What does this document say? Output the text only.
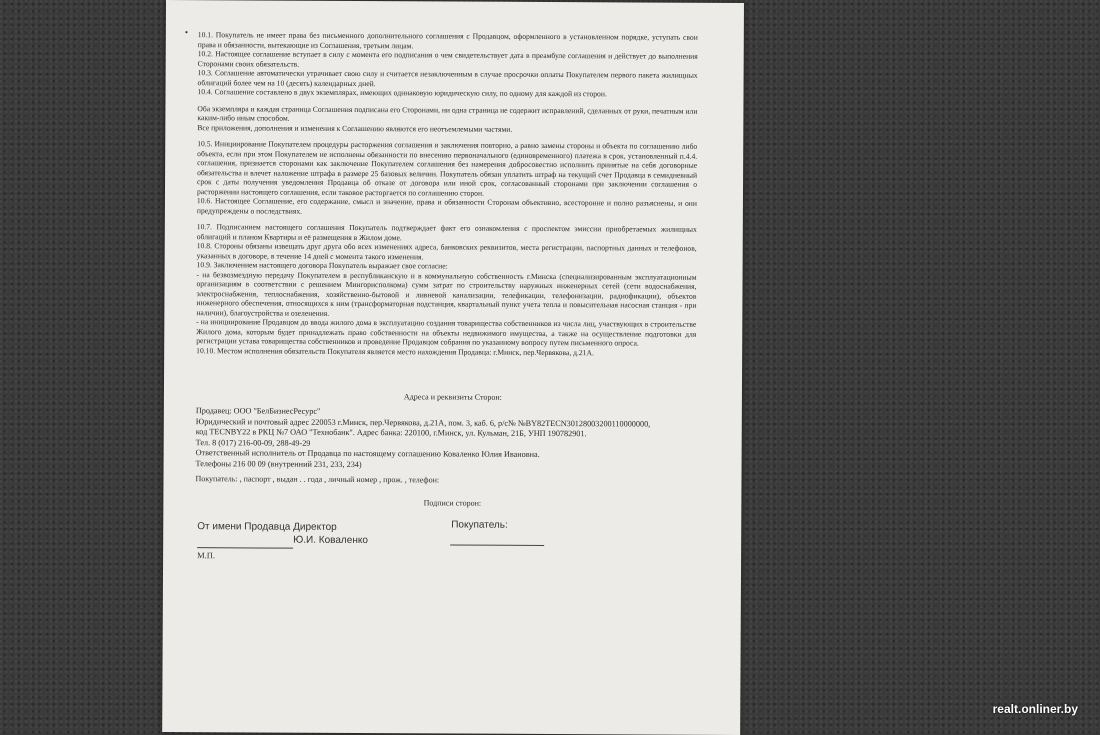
• 10.1. Покупатель не имеет права без письменного дополнительного соглашения с Продавцом, оформленного в установленном порядке, уступать свои права и обязанности, вытекающие из Соглашения, третьим лицам.

10.2. Настоящее соглашение вступает в силу с момента его подписания о чем свидетельствует дата в преамбуле соглашения и действует до выполнения Сторонами своих обязательств.

10.3. Соглашение автоматически утрачивает свою силу и считается незаключенным в случае просрочки оплаты Покупателем первого пакета жилищных облигаций более чем на 10 (десять) календарных дней.

10.4. Соглашение составлено в двух экземплярах, имеющих одинаковую юридическую силу, по одному для каждой из сторон.

Оба экземпляра и каждая страница Соглашения подписана его Сторонами, ни одна страница не содержит исправлений, сделанных от руки, печатным или каким-либо иным способом.

Все приложения, дополнения и изменения к Соглашению являются его неотъемлемыми частями.

10.5. Инициирование Покупателем процедуры расторжения соглашения и заключения повторно, а равно замены стороны и объекта по соглашению либо объекта, если при этом Покупателем не исполнены обязанности по внесению первоначального (единовременного) платежа в срок, установленный п.4.4. соглашения, признается сторонами как заключение Покупателем соглашения без намерения добросовестно исполнить принятые на себя договорные обязательства и влечет наложение штрафа в размере 25 базовых величин. Покупатель обязан уплатить штраф на текущий счет Продавца в семидневный срок с даты получения уведомления Продавца об отказе от договора или иной срок, согласованный сторонами при заключении соглашения о расторжении настоящего соглашения, если таковое расторгается по соглашению сторон.

10.6. Настоящее Соглашение, его содержание, смысл и значение, права и обязанности Сторонам объективно, всесторонне и полно разъяснены, и они предупреждены о последствиях.

10.7. Подписанием настоящего соглашения Покупатель подтверждает факт его ознакомления с проспектом эмиссии приобретаемых жилищных облигаций и планом Квартиры и её размещения в Жилом доме.

10.8. Стороны обязаны извещать друг друга обо всех изменениях адреса, банковских реквизитов, места регистрации, паспортных данных и телефонов, указанных в договоре, в течение 14 дней с момента такого изменения.

10.9. Заключением настоящего договора Покупатель выражает свое согласие:

- на безвозмездную передачу Покупателем в республиканскую и в коммунальную собственность г.Минска (специализированным эксплуатационным организациям в соответствии с решением Мингорисполкома) сумм затрат по строительству наружных инженерных сетей (сети водоснабжения, электроснабжения, теплоснабжения, хозяйственно-бытовой и ливневой канализации, телефикации, телефонизации, радиофикации), объектов инженерного обеспечения, относящихся к ним (трансформаторная подстанция, квартальный пункт учета тепла и повысительная насосная станция - при наличии), благоустройства и озеленения.

- на инициирование Продавцом до ввода жилого дома в эксплуатацию создания товарищества собственников из числа лиц, участвующих в строительстве Жилого дома, которым будет принадлежать право собственности на объекты недвижимого имущества, а также на осуществление подготовки для регистрации устава товарищества собственников и проведение Продавцом собрания по указанному вопросу путем письменного опроса.

10.10. Местом исполнения обязательств Покупателя является место нахождения Продавца: г.Минск, пер.Червякова, д.21А.

Адреса и реквизиты Сторон:

Продавец: ООО "БелБизнесРесурс"

Юридический и почтовый адрес 220053 г.Минск, пер.Червякова, д.21А, пом. 3, каб. 6, р/с№ №BY82TECN30128003200110000000,

код TECNBY22 в РКЦ №7 ОАО "Технобанк". Адрес банка: 220100, г.Минск, ул. Кульман, 21Б, УНП 190782901.

Тел. 8 (017) 216-00-09, 288-49-29

Ответственный исполнитель от Продавца по настоящему соглашению Коваленко Юлия Ивановна.

Телефоны 216 00 09 (внутренний 231, 233, 234)

Покупатель: , паспорт , выдан . . года , личный номер , прож. , телефон:
Подписи сторон:
От имени Продавца Директор
Ю.И. Коваленко
М.П.
Покупатель:
realt.onliner.by
